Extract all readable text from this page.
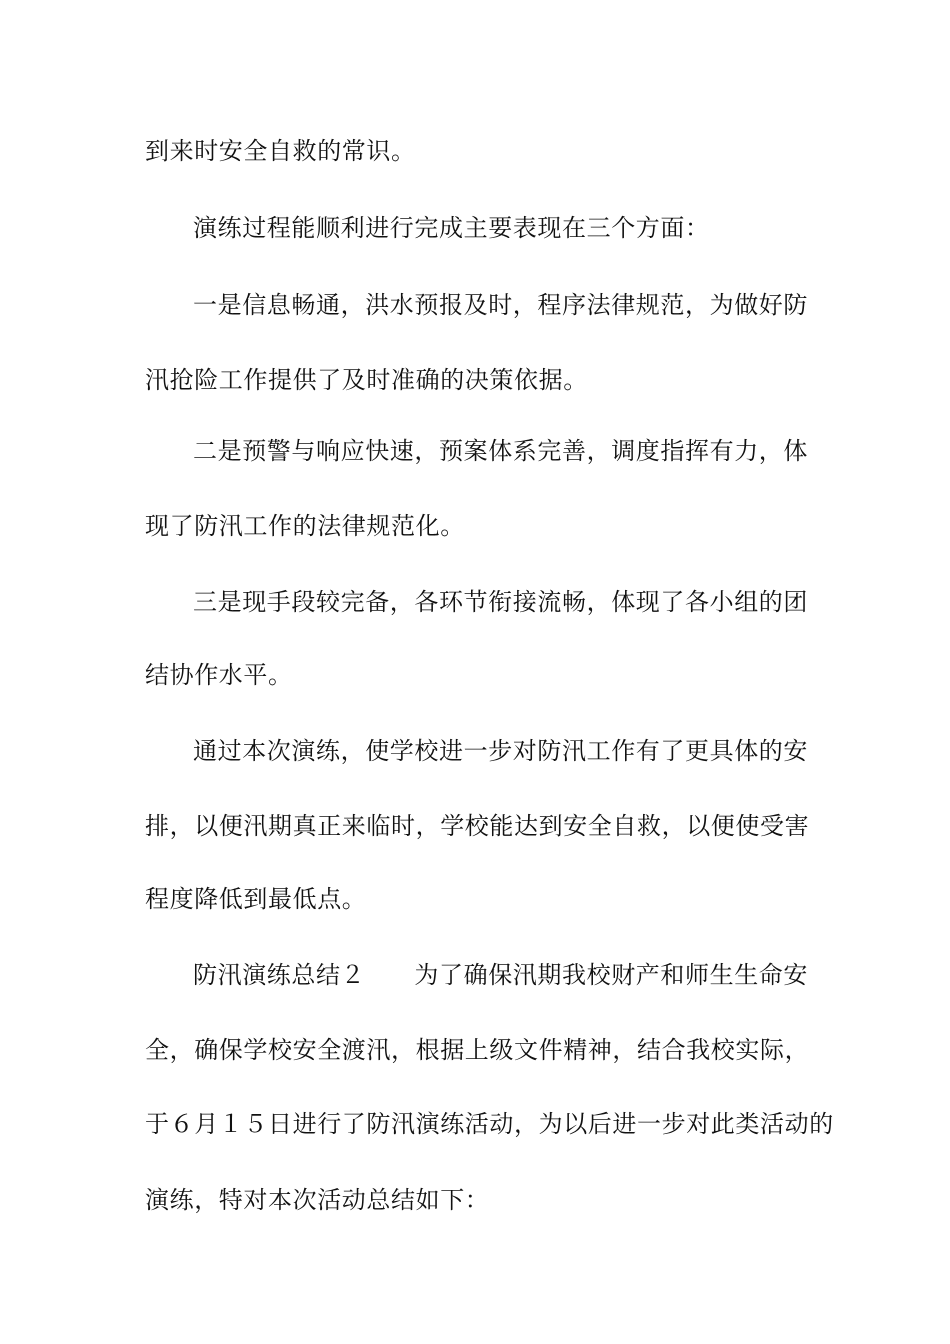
到来时安全自救的常识。
演练过程能顺利进行完成主要表现在三个方面：
一是信息畅通，洪水预报及时，程序法律规范，为做好防
汛抢险工作提供了及时准确的决策依据。
二是预警与响应快速，预案体系完善，调度指挥有力，体
现了防汛工作的法律规范化。
三是现手段较完备，各环节衔接流畅，体现了各小组的团
结协作水平。
通过本次演练，使学校进一步对防汛工作有了更具体的安
排，以便汛期真正来临时，学校能达到安全自救，以便使受害
程度降低到最低点。
防汛演练总结２　　为了确保汛期我校财产和师生生命安
全，确保学校安全渡汛，根据上级文件精神，结合我校实际，
于６月１５日进行了防汛演练活动，为以后进一步对此类活动的
演练，特对本次活动总结如下：
